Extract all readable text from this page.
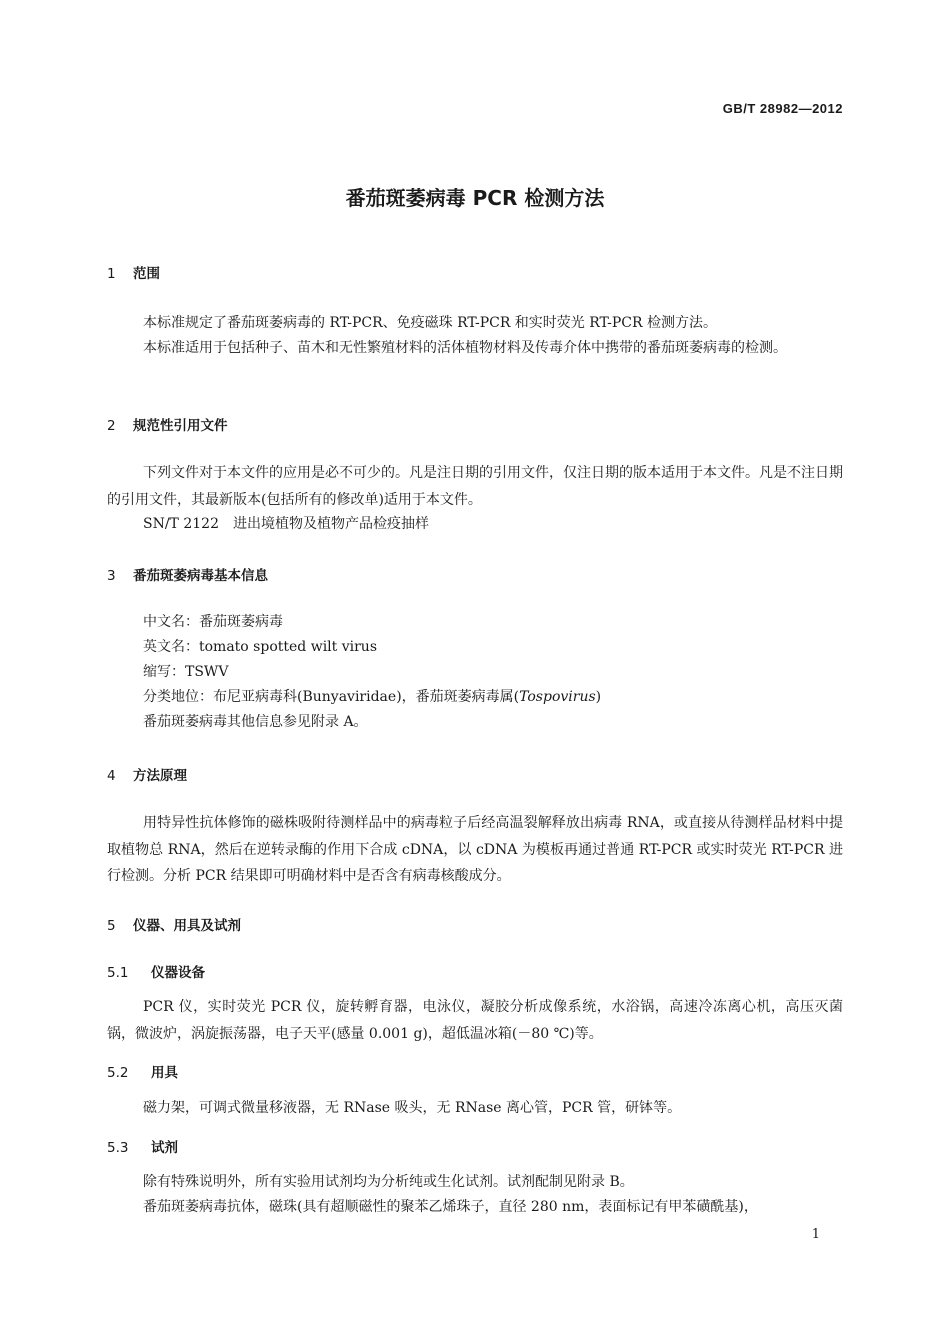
GB/T 28982—2012
番茄斑萎病毒 PCR 检测方法
1 范围
本标准规定了番茄斑萎病毒的 RT-PCR、免疫磁珠 RT-PCR 和实时荧光 RT-PCR 检测方法。
本标准适用于包括种子、苗木和无性繁殖材料的活体植物材料及传毒介体中携带的番茄斑萎病毒的检测。
2 规范性引用文件
下列文件对于本文件的应用是必不可少的。凡是注日期的引用文件，仅注日期的版本适用于本文件。凡是不注日期的引用文件，其最新版本(包括所有的修改单)适用于本文件。
SN/T 2122　进出境植物及植物产品检疫抽样
3 番茄斑萎病毒基本信息
中文名：番茄斑萎病毒
英文名：tomato spotted wilt virus
缩写：TSWV
分类地位：布尼亚病毒科(Bunyaviridae)，番茄斑萎病毒属(Tospovirus)
番茄斑萎病毒其他信息参见附录 A。
4 方法原理
用特异性抗体修饰的磁株吸附待测样品中的病毒粒子后经高温裂解释放出病毒 RNA，或直接从待测样品材料中提取植物总 RNA，然后在逆转录酶的作用下合成 cDNA，以 cDNA 为模板再通过普通 RT-PCR 或实时荧光 RT-PCR 进行检测。分析 PCR 结果即可明确材料中是否含有病毒核酸成分。
5 仪器、用具及试剂
5.1 仪器设备
PCR 仪，实时荧光 PCR 仪，旋转孵育器，电泳仪，凝胶分析成像系统，水浴锅，高速冷冻离心机，高压灭菌锅，微波炉，涡旋振荡器，电子天平(感量 0.001 g)，超低温冰箱(－80 ℃)等。
5.2 用具
磁力架，可调式微量移液器，无 RNase 吸头，无 RNase 离心管，PCR 管，研钵等。
5.3 试剂
除有特殊说明外，所有实验用试剂均为分析纯或生化试剂。试剂配制见附录 B。
番茄斑萎病毒抗体，磁珠(具有超顺磁性的聚苯乙烯珠子，直径 280 nm，表面标记有甲苯磺酰基)，
1
